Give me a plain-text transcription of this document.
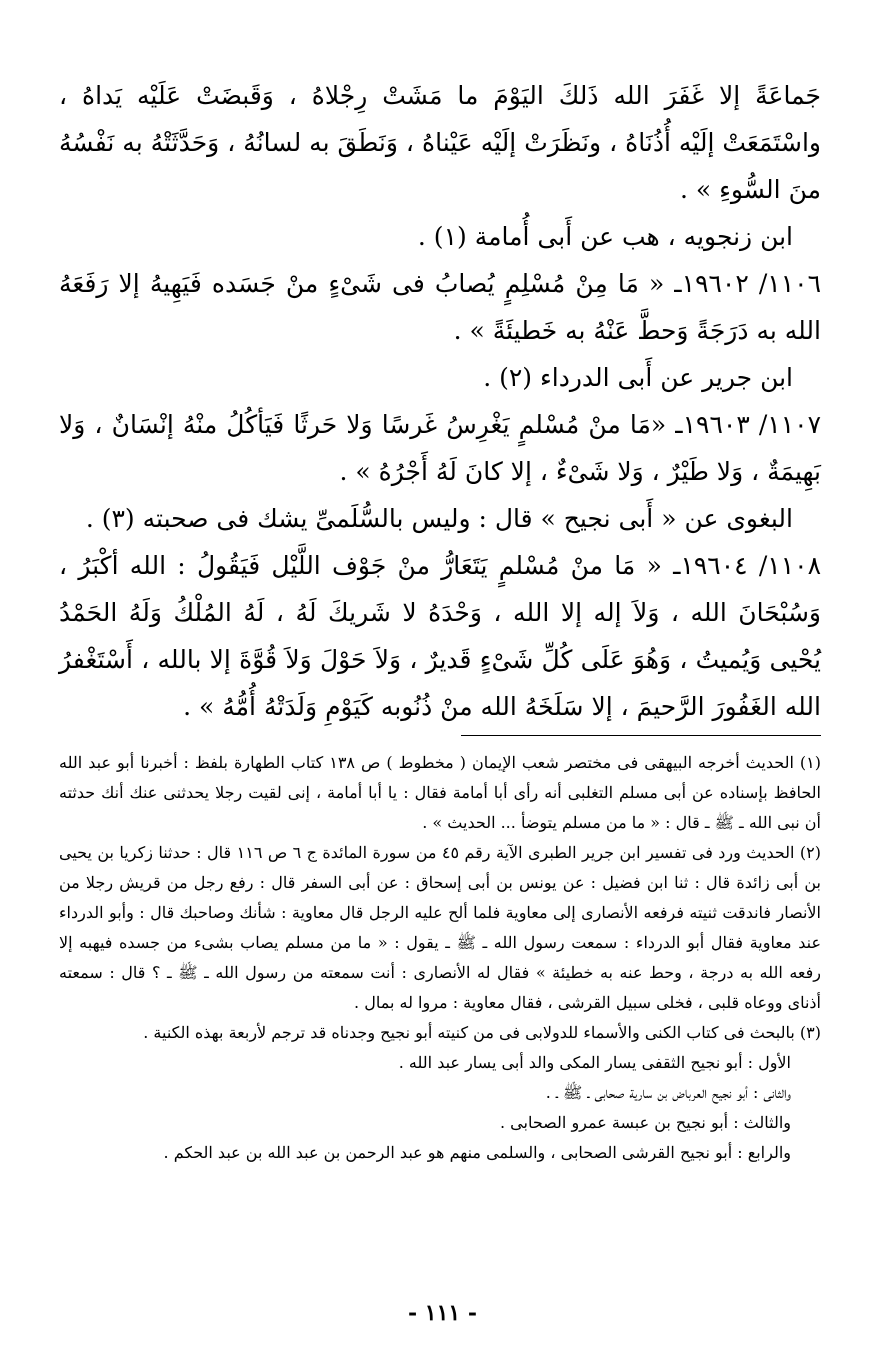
جَماعَةً إلا غَفَرَ الله ذَلكَ اليَوْمَ ما مَشَتْ رِجْلاهُ ، وَقَبضَتْ عَلَيْه يَداهُ ، واسْتَمَعَتْ إلَيْه أُذُنَاهُ ، ونَظَرَتْ إلَيْه عَيْناهُ ، وَنَطَقَ به لسانُهُ ، وَحَدَّثَتْهُ به نَفْسُهُ منَ السُّوءِ » .

ابن زنجويه ، هب عن أَبى أُمامة (١) .

١١٠٦/ ١٩٦٠٢ـ « مَا مِنْ مُسْلِمٍ يُصابُ فى شَىْءٍ منْ جَسَده فَيَهِيهُ إلا رَفَعَهُ الله به دَرَجَةً وَحطَّ عَنْهُ به خَطيئَةً » .

ابن جرير عن أَبى الدرداء (٢) .

١١٠٧/ ١٩٦٠٣ـ «مَا منْ مُسْلمٍ يَغْرِسُ غَرسًا وَلا حَرثًا فَيَأكُلُ منْهُ إنْسَانٌ ، وَلا بَهِيمَةٌ ، وَلا طَيْرٌ ، وَلا شَىْءٌ ، إلا كانَ لَهُ أَجْرُهُ » .

البغوى عن « أَبى نجيح » قال : وليس بالسُّلَمىِّ يشك فى صحبته (٣) .

١١٠٨/ ١٩٦٠٤ـ « مَا منْ مُسْلمٍ يَتَعَارُّ منْ جَوْف اللَّيْل فَيَقُولُ : الله أكْبَرُ ، وَسُبْحَانَ الله ، وَلاَ إله إلا الله ، وَحْدَهُ لا شَريكَ لَهُ ، لَهُ المُلْكُ وَلَهُ الحَمْدُ يُحْيى وَيُميتُ ، وَهُوَ عَلَى كُلِّ شَىْءٍ قَديرٌ ، وَلاَ حَوْلَ وَلاَ قُوَّةَ إلا بالله ، أَسْتَغْفرُ الله الغَفُورَ الرَّحيمَ ، إلا سَلَخَهُ الله منْ ذُنُوبه كَيَوْمِ وَلَدَتْهُ أُمُّهُ » .

(١) الحديث أخرجه البيهقى فى مختصر شعب الإيمان ( مخطوط ) ص ١٣٨ كتاب الطهارة بلفظ : أخبرنا أبو عبد الله الحافظ بإسناده عن أبى مسلم التغلبى أنه رأى أبا أمامة فقال : يا أبا أمامة ، إنى لقيت رجلا يحدثنى عنك أنك حدثته أن نبى الله ـ ﷺ ـ قال : « ما من مسلم يتوضأ ... الحديث » .

(٢) الحديث ورد فى تفسير ابن جرير الطبرى الآية رقم ٤٥ من سورة المائدة ج ٦ ص ١١٦ قال : حدثنا زكريا بن يحيى بن أبى زائدة قال : ثنا ابن فضيل : عن يونس بن أبى إسحاق : عن أبى السفر قال : رفع رجل من قريش رجلا من الأنصار فاندقت ثنيته فرفعه الأنصارى إلى معاوية فلما ألح عليه الرجل قال معاوية : شأنك وصاحبك قال : وأبو الدرداء عند معاوية فقال أبو الدرداء : سمعت رسول الله ـ ﷺ ـ يقول : « ما من مسلم يصاب بشىء من جسده فيهبه إلا رفعه الله به درجة ، وحط عنه به خطيئة » فقال له الأنصارى : أنت سمعته من رسول الله ـ ﷺ ـ ؟ قال : سمعته أذناى ووعاه قلبى ، فخلى سبيل القرشى ، فقال معاوية : مروا له بمال .

(٣) بالبحث فى كتاب الكنى والأسماء للدولابى فى من كنيته أبو نجيح وجدناه قد ترجم لأربعة بهذه الكنية .

الأول : أبو نجيح الثقفى يسار المكى والد أبى يسار عبد الله .

والثانى : أبو نجيح العرباض بن سارية صحابى ـ ﷺ ـ .

والثالث : أبو نجيح بن عبسة عمرو الصحابى .

والرابع : أبو نجيح القرشى الصحابى ، والسلمى منهم هو عبد الرحمن بن عبد الله بن عبد الحكم .

- ١١١ -
